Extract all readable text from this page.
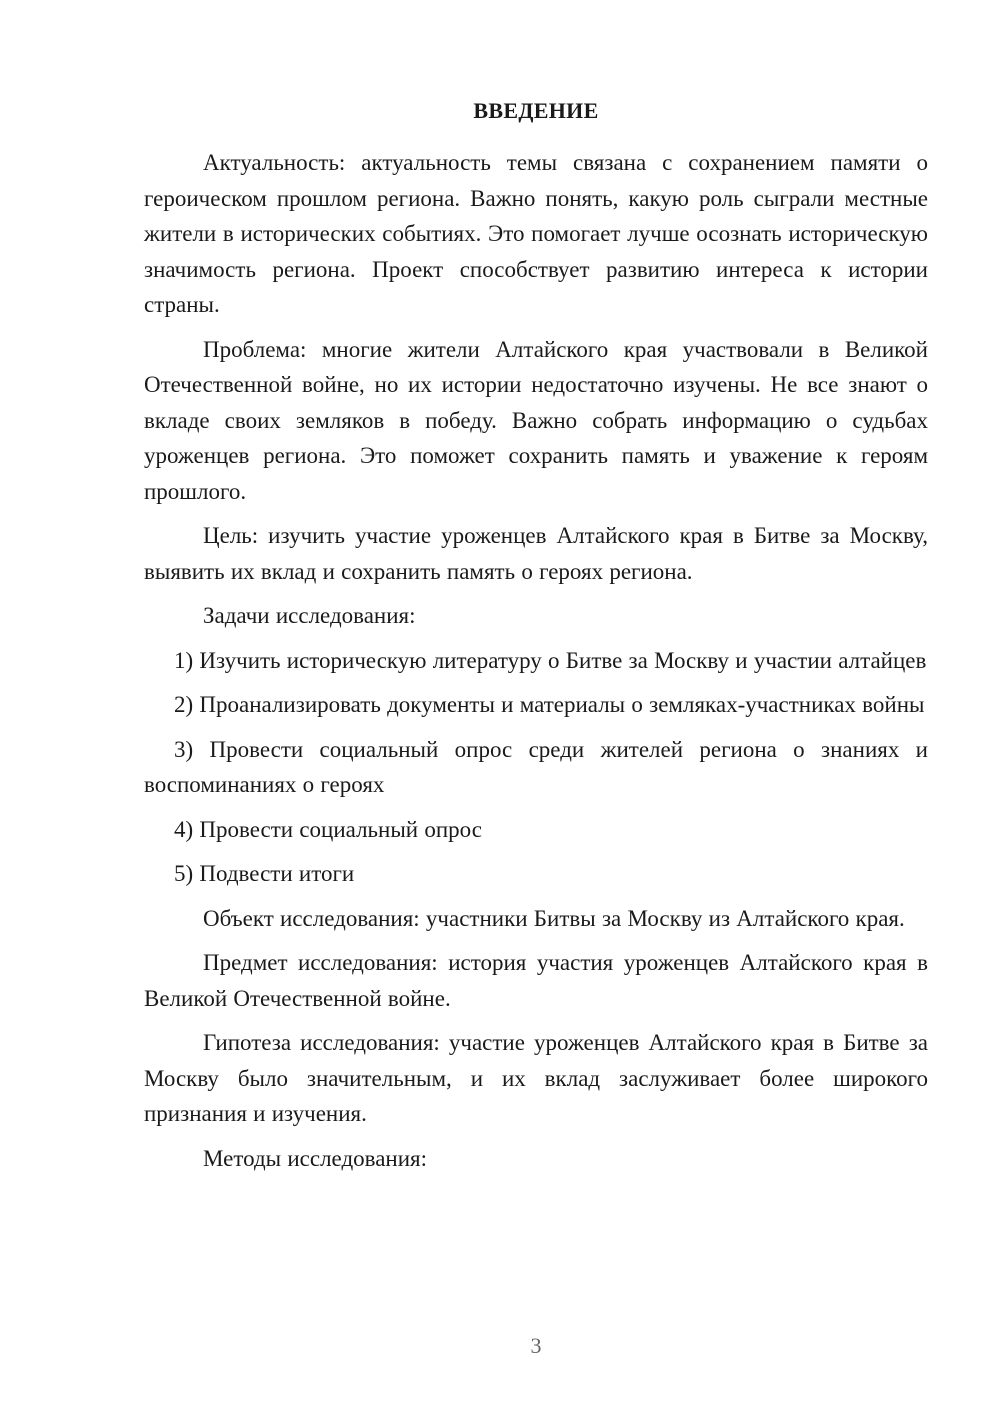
ВВЕДЕНИЕ

Актуальность: актуальность темы связана с сохранением памяти о героическом прошлом региона. Важно понять, какую роль сыграли местные жители в исторических событиях. Это помогает лучше осознать историческую значимость региона. Проект способствует развитию интереса к истории страны.

Проблема: многие жители Алтайского края участвовали в Великой Отечественной войне, но их истории недостаточно изучены. Не все знают о вкладе своих земляков в победу. Важно собрать информацию о судьбах уроженцев региона. Это поможет сохранить память и уважение к героям прошлого.

Цель: изучить участие уроженцев Алтайского края в Битве за Москву, выявить их вклад и сохранить память о героях региона.

Задачи исследования:

1) Изучить историческую литературу о Битве за Москву и участии алтайцев

2) Проанализировать документы и материалы о земляках-участниках войны

3) Провести социальный опрос среди жителей региона о знаниях и воспоминаниях о героях

4) Провести социальный опрос

5) Подвести итоги

Объект исследования: участники Битвы за Москву из Алтайского края.

Предмет исследования: история участия уроженцев Алтайского края в Великой Отечественной войне.

Гипотеза исследования: участие уроженцев Алтайского края в Битве за Москву было значительным, и их вклад заслуживает более широкого признания и изучения.

Методы исследования:

3
